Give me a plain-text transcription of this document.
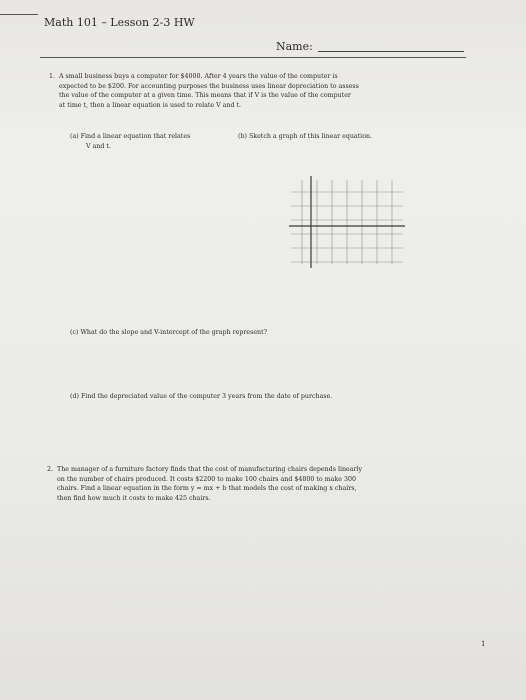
Math 101 – Lesson 2-3 HW
Name:
1. A small business buys a computer for $4000. After 4 years the value of the computer is
expected to be $200. For accounting purposes the business uses linear depreciation to assess
the value of the computer at a given time. This means that if V is the value of the computer
at time t, then a linear equation is used to relate V and t.
(a) Find a linear equation that relates
V and t.
(b) Sketch a graph of this linear equation.
(c) What do the slope and V-intercept of the graph represent?
(d) Find the depreciated value of the computer 3 years from the date of purchase.
2. The manager of a furniture factory finds that the cost of manufacturing chairs depends linearly
on the number of chairs produced. It costs $2200 to make 100 chairs and $4800 to make 300
chairs. Find a linear equation in the form y = mx + b that models the cost of making x chairs,
then find how much it costs to make 425 chairs.
1
